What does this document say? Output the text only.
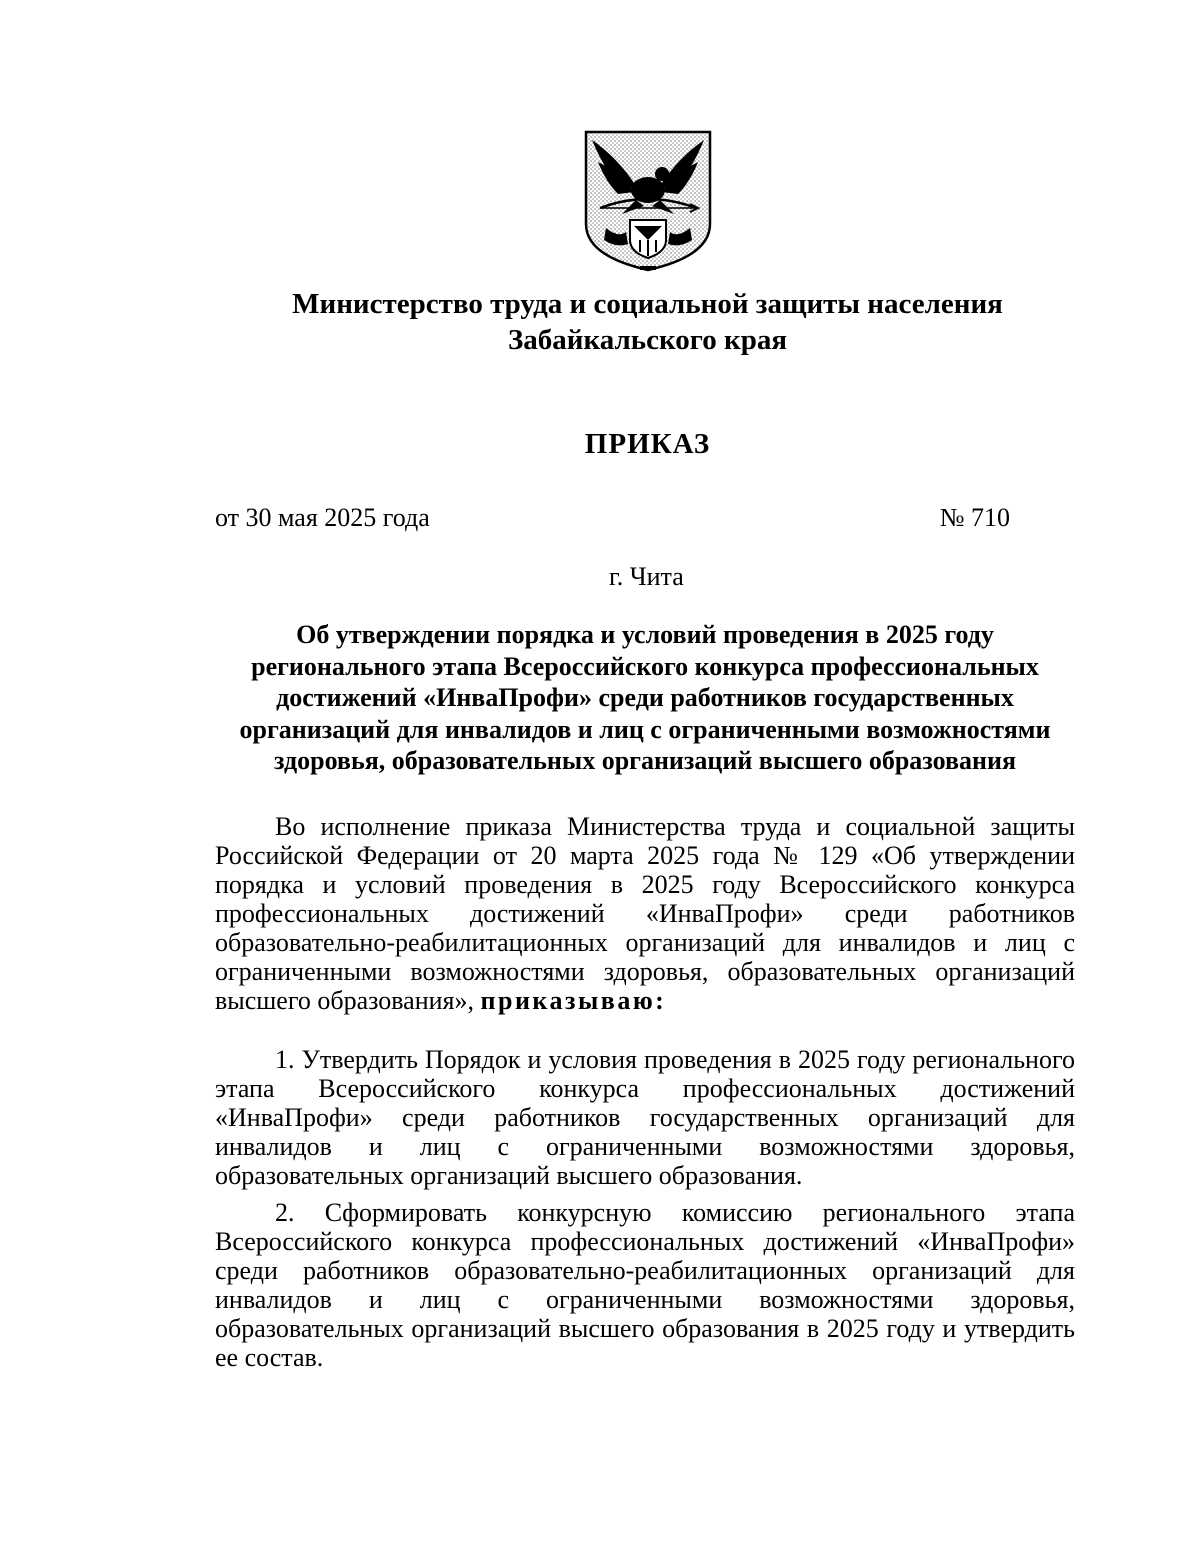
Министерство труда и социальной защиты населения
Забайкальского края
ПРИКАЗ
от 30 мая 2025 года	№ 710
г. Чита
Об утверждении порядка и условий проведения в 2025 году
регионального этапа Всероссийского конкурса профессиональных
достижений «ИнваПрофи» среди работников государственных
организаций для инвалидов и лиц с ограниченными возможностями
здоровья, образовательных организаций высшего образования

Во исполнение приказа Министерства труда и социальной защиты Российской Федерации от 20 марта 2025 года № 129 «Об утверждении порядка и условий проведения в 2025 году Всероссийского конкурса профессиональных достижений «ИнваПрофи» среди работников образовательно-реабилитационных организаций для инвалидов и лиц с ограниченными возможностями здоровья, образовательных организаций высшего образования», приказываю:

1. Утвердить Порядок и условия проведения в 2025 году регионального этапа Всероссийского конкурса профессиональных достижений «ИнваПрофи» среди работников государственных организаций для инвалидов и лиц с ограниченными возможностями здоровья, образовательных организаций высшего образования.

2. Сформировать конкурсную комиссию регионального этапа Всероссийского конкурса профессиональных достижений «ИнваПрофи» среди работников образовательно-реабилитационных организаций для инвалидов и лиц с ограниченными возможностями здоровья, образовательных организаций высшего образования в 2025 году и утвердить ее состав.
